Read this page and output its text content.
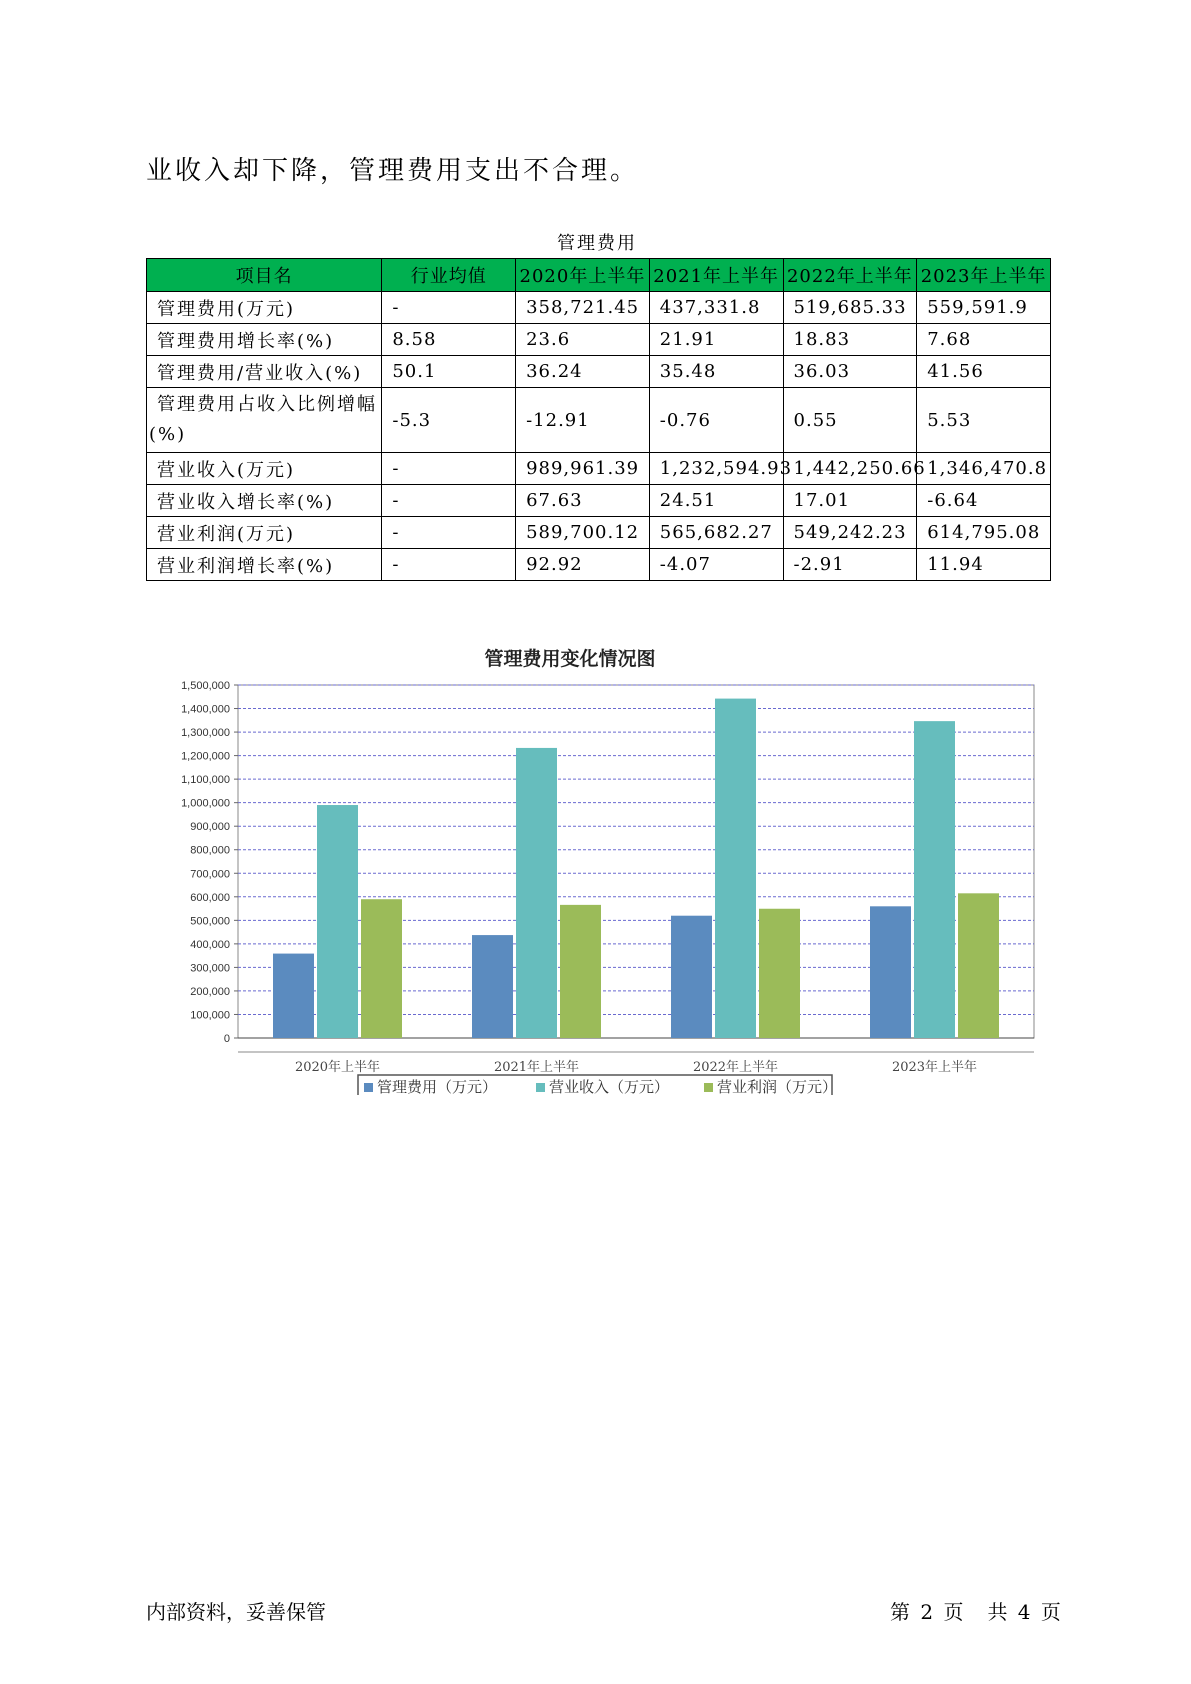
业收入却下降，管理费用支出不合理。

管理费用
项目名	行业均值	2020年上半年	2021年上半年	2022年上半年	2023年上半年
管理费用(万元)	-	358,721.45	437,331.8	519,685.33	559,591.9
管理费用增长率(%)	8.58	23.6	21.91	18.83	7.68
管理费用/营业收入(%)	50.1	36.24	35.48	36.03	41.56
管理费用占收入比例增幅(%)	-5.3	-12.91	-0.76	0.55	5.53
营业收入(万元)	-	989,961.39	1,232,594.93	1,442,250.66	1,346,470.8
营业收入增长率(%)	-	67.63	24.51	17.01	-6.64
营业利润(万元)	-	589,700.12	565,682.27	549,242.23	614,795.08
营业利润增长率(%)	-	92.92	-4.07	-2.91	11.94
管理费用变化情况图
0
100,000
200,000
300,000
400,000
500,000
600,000
700,000
800,000
900,000
1,000,000
1,100,000
1,200,000
1,300,000
1,400,000
1,500,000
2020年上半年	2021年上半年	2022年上半年	2023年上半年
管理费用（万元）	营业收入（万元）	营业利润（万元）
内部资料，妥善保管	第 2 页　共 4 页
